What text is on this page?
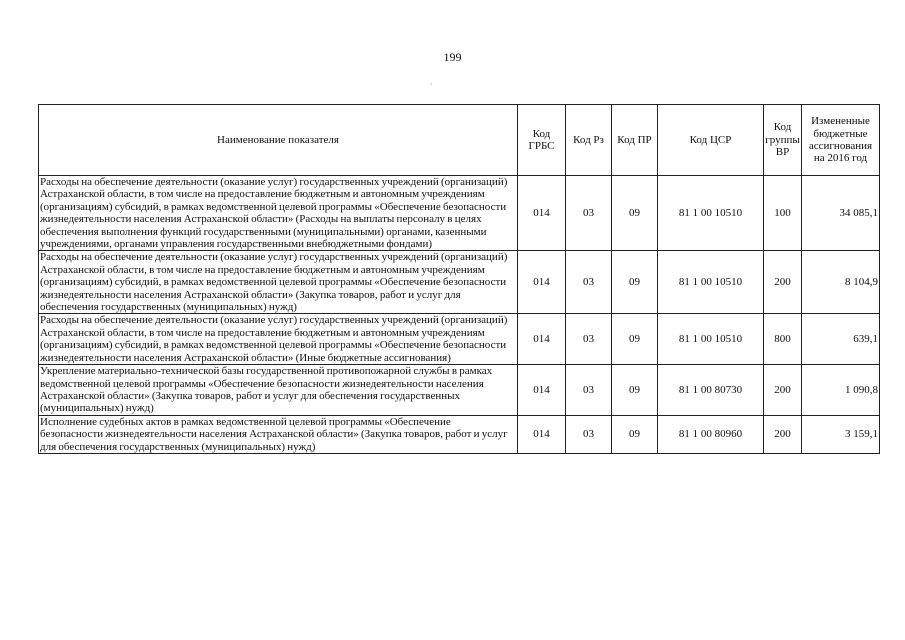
199
·
Наименование показателя	Код ГРБС	Код Рз	Код ПР	Код ЦСР	Код группы ВР	Измененные бюджетные ассигнования на 2016 год
Расходы на обеспечение деятельности (оказание услуг) государственных учреждений (организаций) Астраханской области, в том числе на предоставление бюджетным и автономным учреждениям (организациям) субсидий, в рамках ведомственной целевой программы «Обеспечение безопасности жизнедеятельности населения Астраханской области» (Расходы на выплаты персоналу в целях обеспечения выполнения функций государственными (муниципальными) органами, казенными учреждениями, органами управления государственными внебюджетными фондами)	014	03	09	81 1 00 10510	100	34 085,1
Расходы на обеспечение деятельности (оказание услуг) государственных учреждений (организаций) Астраханской области, в том числе на предоставление бюджетным и автономным учреждениям (организациям) субсидий, в рамках ведомственной целевой программы «Обеспечение безопасности жизнедеятельности населения Астраханской области» (Закупка товаров, работ и услуг для обеспечения государственных (муниципальных) нужд)	014	03	09	81 1 00 10510	200	8 104,9
Расходы на обеспечение деятельности (оказание услуг) государственных учреждений (организаций) Астраханской области, в том числе на предоставление бюджетным и автономным учреждениям (организациям) субсидий, в рамках ведомственной целевой программы «Обеспечение безопасности жизнедеятельности населения Астраханской области» (Иные бюджетные ассигнования)	014	03	09	81 1 00 10510	800	639,1
Укрепление материально-технической базы государственной противопожарной службы в рамках ведомственной целевой программы «Обеспечение безопасности жизнедеятельности населения Астраханской области» (Закупка товаров, работ и услуг для обеспечения государственных (муниципальных) нужд)	014	03	09	81 1 00 80730	200	1 090,8
Исполнение судебных актов в рамках ведомственной целевой программы «Обеспечение безопасности жизнедеятельности населения Астраханской области» (Закупка товаров, работ и услуг для обеспечения государственных (муниципальных) нужд)	014	03	09	81 1 00 80960	200	3 159,1
